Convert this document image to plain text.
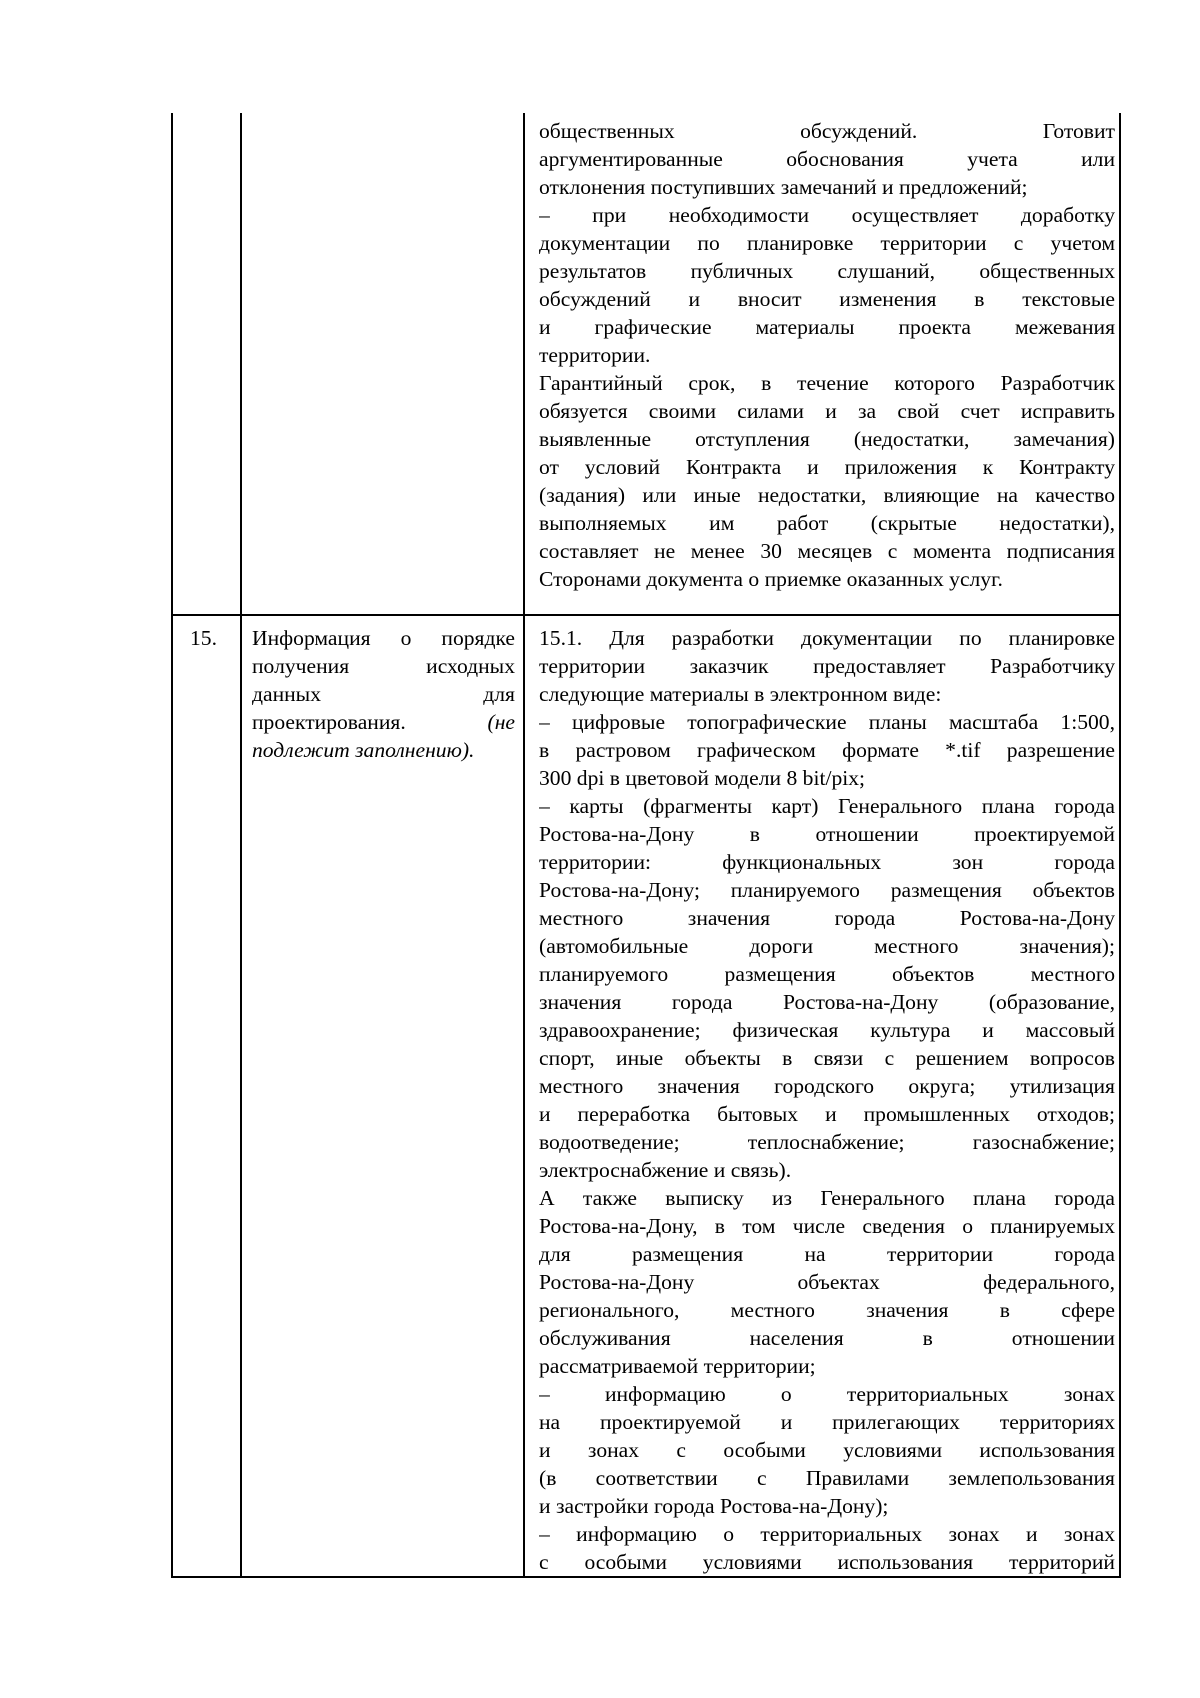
общественных обсуждений. Готовит
аргументированные обоснования учета или
отклонения поступивших замечаний и предложений;
– при необходимости осуществляет доработку
документации по планировке территории с учетом
результатов публичных слушаний, общественных
обсуждений и вносит изменения в текстовые
и графические материалы проекта межевания
территории.
Гарантийный срок, в течение которого Разработчик
обязуется своими силами и за свой счет исправить
выявленные отступления (недостатки, замечания)
от условий Контракта и приложения к Контракту
(задания) или иные недостатки, влияющие на качество
выполняемых им работ (скрытые недостатки),
составляет не менее 30 месяцев с момента подписания
Сторонами документа о приемке оказанных услуг.
15. Информация о порядке
получения исходных
данных для
проектирования.	(не
подлежит заполнению).
15.1. Для разработки документации по планировке
территории заказчик предоставляет Разработчику
следующие материалы в электронном виде:
– цифровые топографические планы масштаба 1:500,
в растровом графическом формате *.tif разрешение
300 dpi в цветовой модели 8 bit/pix;
– карты (фрагменты карт) Генерального плана города
Ростова-на-Дону в отношении проектируемой
территории: функциональных зон города
Ростова-на-Дону; планируемого размещения объектов
местного значения города Ростова-на-Дону
(автомобильные дороги местного значения);
планируемого размещения объектов местного
значения города Ростова-на-Дону (образование,
здравоохранение; физическая культура и массовый
спорт, иные объекты в связи с решением вопросов
местного значения городского округа; утилизация
и переработка бытовых и промышленных отходов;
водоотведение; теплоснабжение; газоснабжение;
электроснабжение и связь).
А также выписку из Генерального плана города
Ростова-на-Дону, в том числе сведения о планируемых
для размещения на территории города
Ростова-на-Дону объектах федерального,
регионального, местного значения в сфере
обслуживания населения в отношении
рассматриваемой территории;
– информацию о территориальных зонах
на проектируемой и прилегающих территориях
и зонах с особыми условиями использования
(в соответствии с Правилами землепользования
и застройки города Ростова-на-Дону);
– информацию о территориальных зонах и зонах
с особыми условиями использования территорий
